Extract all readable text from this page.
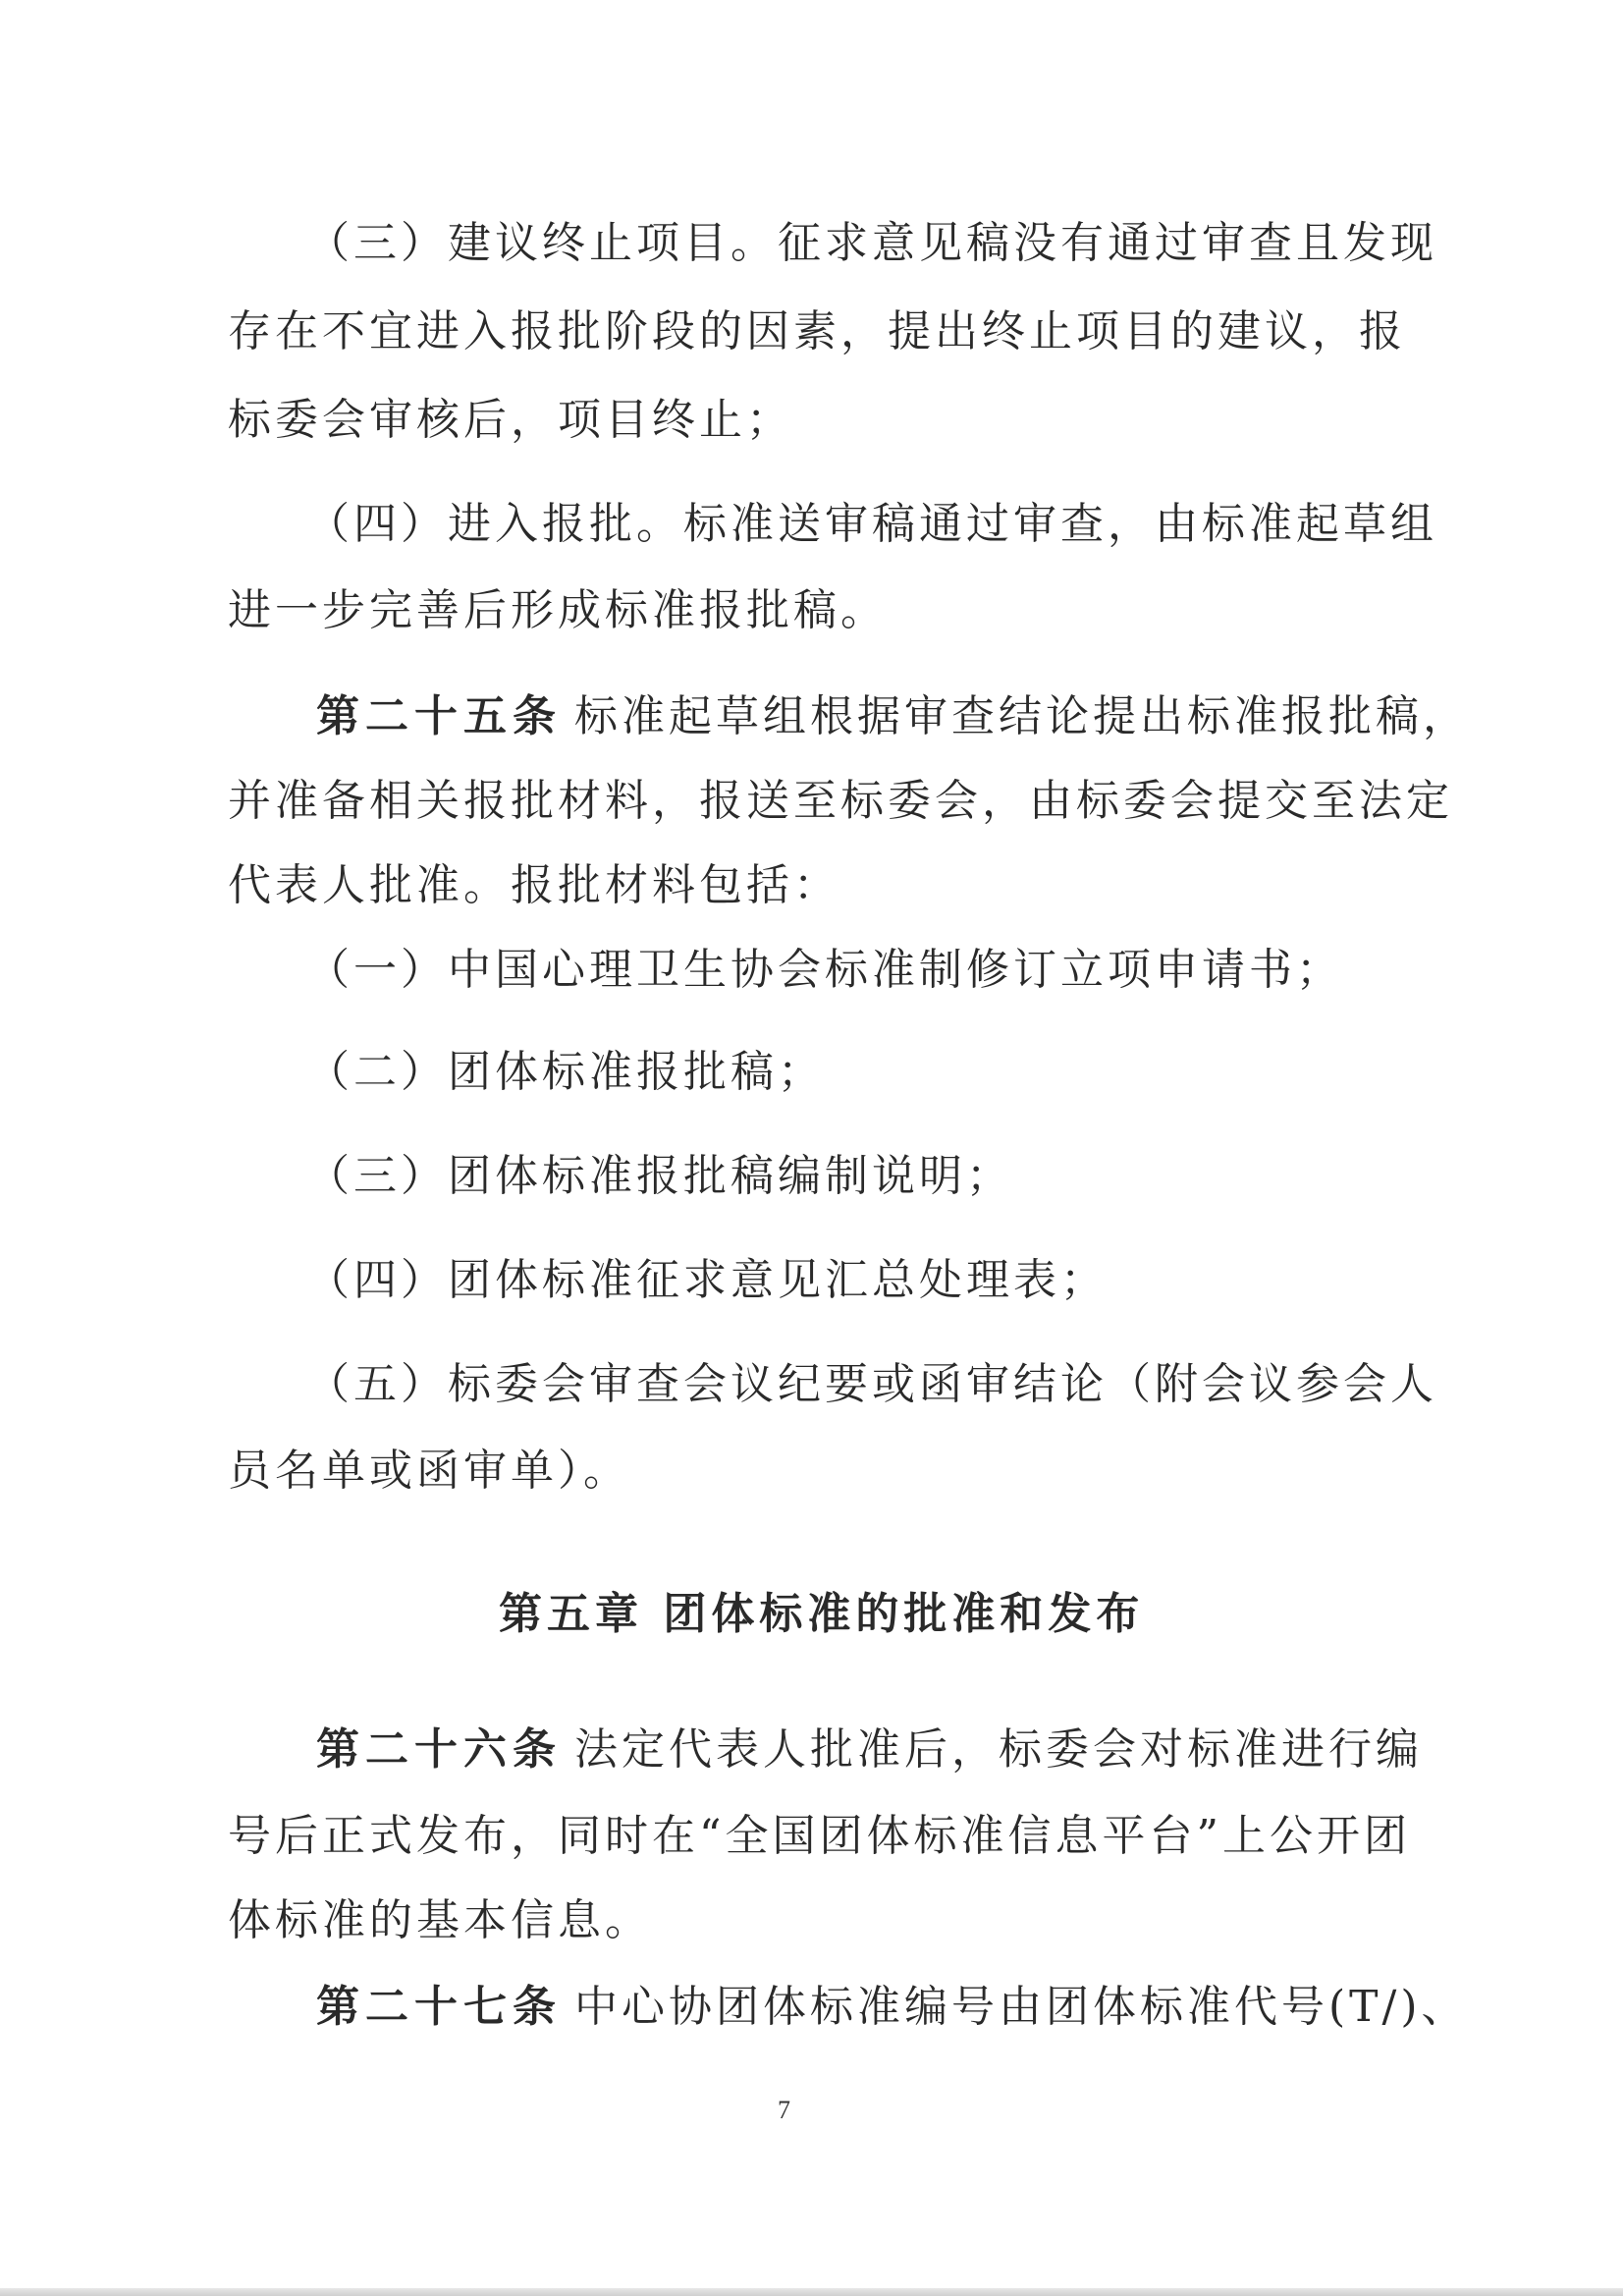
（三）建议终止项目。征求意见稿没有通过审查且发现
存在不宜进入报批阶段的因素，提出终止项目的建议，报
标委会审核后，项目终止；
（四）进入报批。标准送审稿通过审查，由标准起草组
进一步完善后形成标准报批稿。
第二十五条 标准起草组根据审查结论提出标准报批稿，
并准备相关报批材料，报送至标委会，由标委会提交至法定
代表人批准。报批材料包括：
（一）中国心理卫生协会标准制修订立项申请书；
（二）团体标准报批稿；
（三）团体标准报批稿编制说明；
（四）团体标准征求意见汇总处理表；
（五）标委会审查会议纪要或函审结论（附会议参会人
员名单或函审单）。
第五章 团体标准的批准和发布
第二十六条 法定代表人批准后，标委会对标准进行编
号后正式发布，同时在“全国团体标准信息平台”上公开团
体标准的基本信息。
第二十七条 中心协团体标准编号由团体标准代号(T/)、
7
